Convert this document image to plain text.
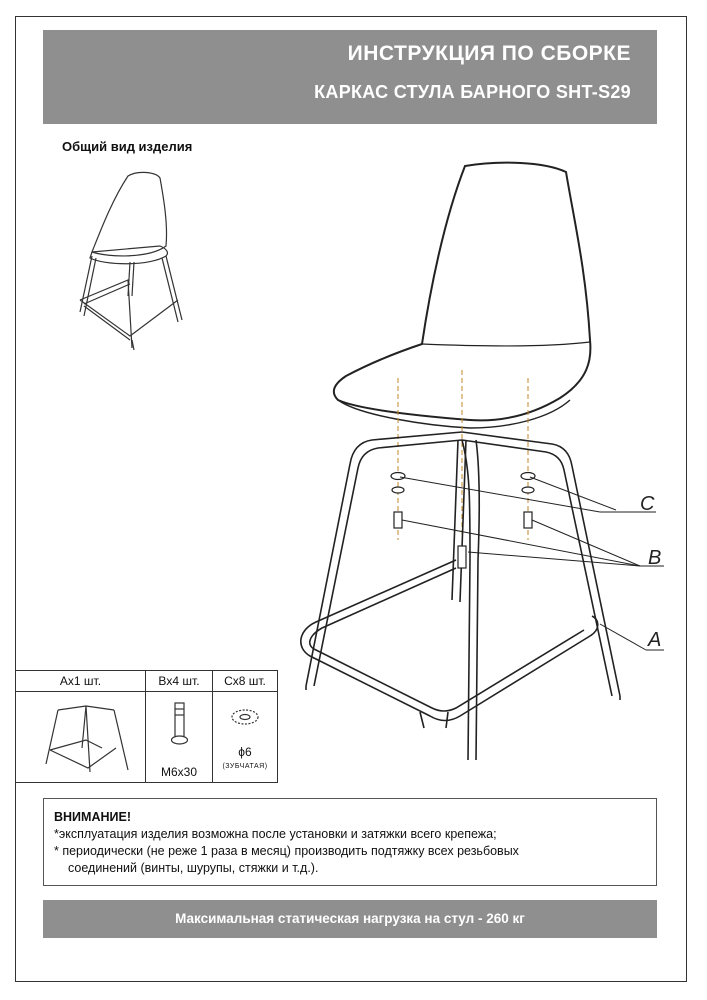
ИНСТРУКЦИЯ ПО СБОРКЕ
КАРКАС СТУЛА БАРНОГО SHT-S29
Общий вид изделия
C
B
A
Ax1 шт.	Bx4 шт.
M6x30
Cx8 шт.
ϕ6
(ЗУБЧАТАЯ)
ВНИМАНИЕ!
*эксплуатация изделия возможна после установки и затяжки всего крепежа;
* периодически (не реже 1 раза в месяц) производить подтяжку всех резьбовых
соединений (винты, шурупы, стяжки и т.д.).
Максимальная статическая нагрузка на стул - 260 кг
